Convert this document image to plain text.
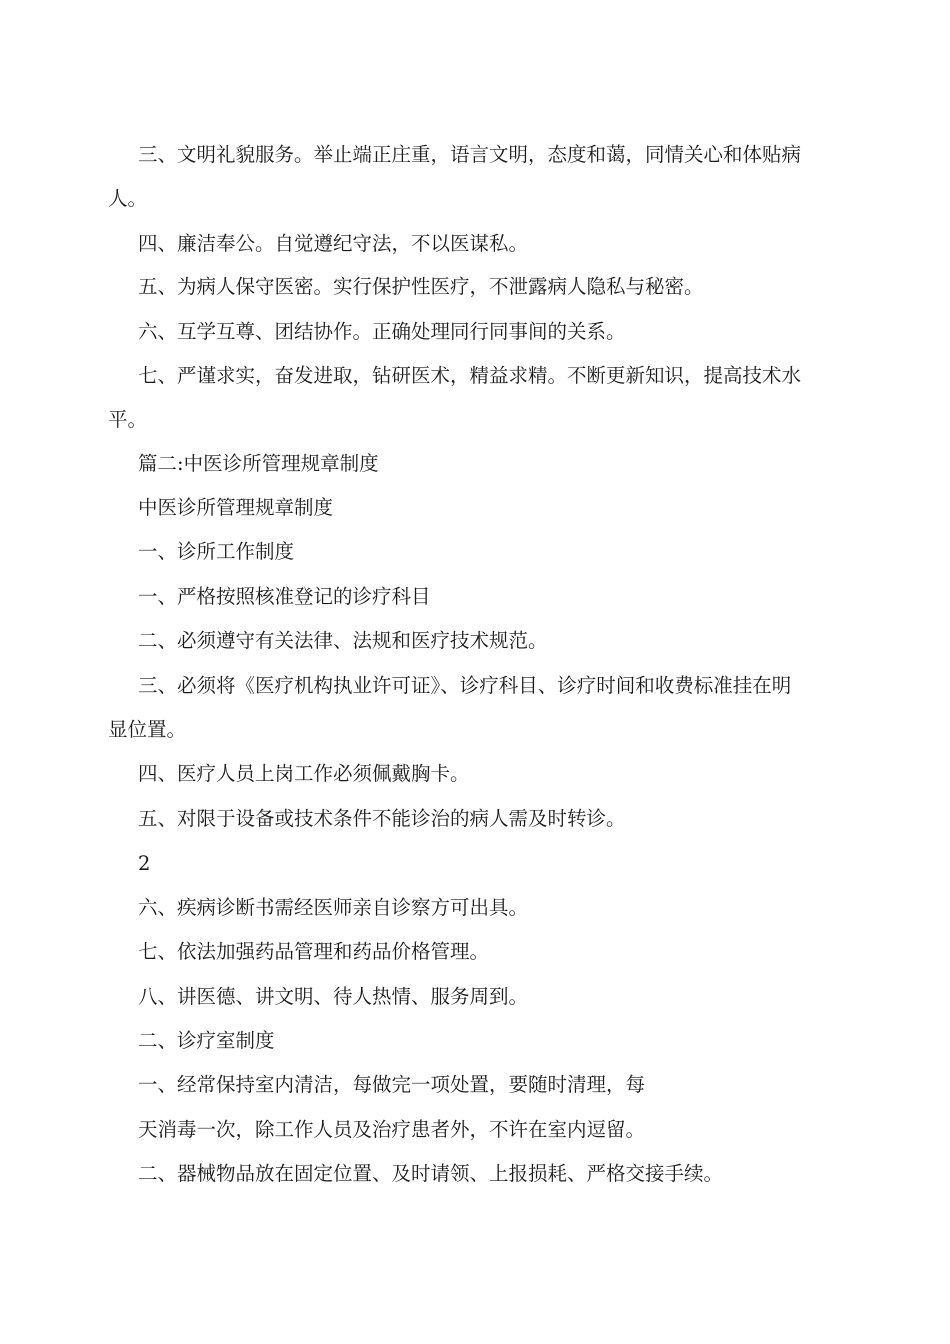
三、文明礼貌服务。举止端正庄重，语言文明，态度和蔼，同情关心和体贴病
人。
四、廉洁奉公。自觉遵纪守法，不以医谋私。
五、为病人保守医密。实行保护性医疗，不泄露病人隐私与秘密。
六、互学互尊、团结协作。正确处理同行同事间的关系。
七、严谨求实，奋发进取，钻研医术，精益求精。不断更新知识，提高技术水
平。
篇二:中医诊所管理规章制度
中医诊所管理规章制度
一、诊所工作制度
一、严格按照核准登记的诊疗科目
二、必须遵守有关法律、法规和医疗技术规范。
三、必须将《医疗机构执业许可证》、诊疗科目、诊疗时间和收费标准挂在明
显位置。
四、医疗人员上岗工作必须佩戴胸卡。
五、对限于设备或技术条件不能诊治的病人需及时转诊。
2
六、疾病诊断书需经医师亲自诊察方可出具。
七、依法加强药品管理和药品价格管理。
八、讲医德、讲文明、待人热情、服务周到。
二、诊疗室制度
一、经常保持室内清洁，每做完一项处置，要随时清理，每
天消毒一次，除工作人员及治疗患者外，不许在室内逗留。
二、器械物品放在固定位置、及时请领、上报损耗、严格交接手续。
